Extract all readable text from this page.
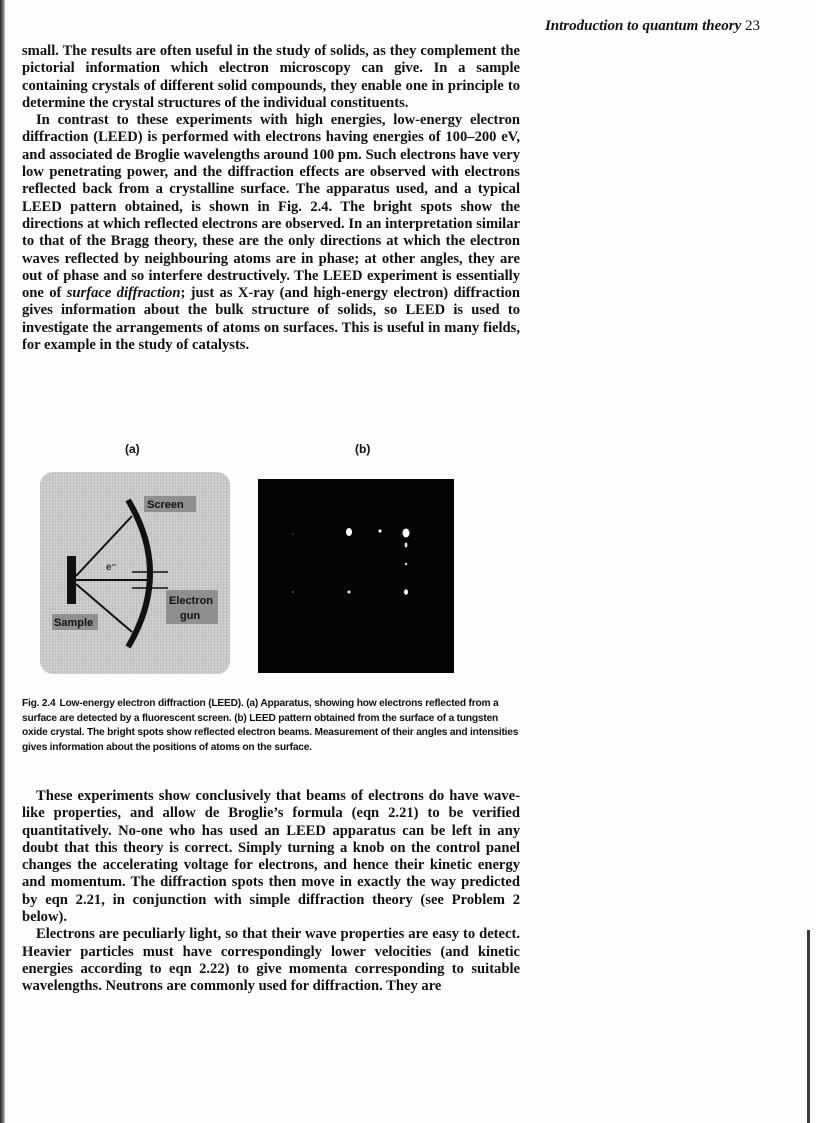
Introduction to quantum theory 23

small. The results are often useful in the study of solids, as they complement the pictorial information which electron microscopy can give. In a sample containing crystals of different solid compounds, they enable one in principle to determine the crystal structures of the individual constituents.

In contrast to these experiments with high energies, low-energy electron diffraction (LEED) is performed with electrons having energies of 100–200 eV, and associated de Broglie wavelengths around 100 pm. Such electrons have very low penetrating power, and the diffraction effects are observed with electrons reflected back from a crystalline surface. The apparatus used, and a typical LEED pattern obtained, is shown in Fig. 2.4. The bright spots show the directions at which reflected electrons are observed. In an interpretation similar to that of the Bragg theory, these are the only directions at which the electron waves reflected by neighbouring atoms are in phase; at other angles, they are out of phase and so interfere destructively. The LEED experiment is essentially one of surface diffraction; just as X-ray (and high-energy electron) diffraction gives information about the bulk structure of solids, so LEED is used to investigate the arrangements of atoms on surfaces. This is useful in many fields, for example in the study of catalysts.

(a)	(b)
Screen
e⁻
Electron
gun
Sample
Fig. 2.4 Low-energy electron diffraction (LEED). (a) Apparatus, showing how electrons reflected from a surface are detected by a fluorescent screen. (b) LEED pattern obtained from the surface of a tungsten oxide crystal. The bright spots show reflected electron beams. Measurement of their angles and intensities gives information about the positions of atoms on the surface.

These experiments show conclusively that beams of electrons do have wave-like properties, and allow de Broglie’s formula (eqn 2.21) to be verified quantitatively. No-one who has used an LEED apparatus can be left in any doubt that this theory is correct. Simply turning a knob on the control panel changes the accelerating voltage for electrons, and hence their kinetic energy and momentum. The diffraction spots then move in exactly the way predicted by eqn 2.21, in conjunction with simple diffraction theory (see Problem 2 below).

Electrons are peculiarly light, so that their wave properties are easy to detect. Heavier particles must have correspondingly lower velocities (and kinetic energies according to eqn 2.22) to give momenta corresponding to suitable wavelengths. Neutrons are commonly used for diffraction. They are
